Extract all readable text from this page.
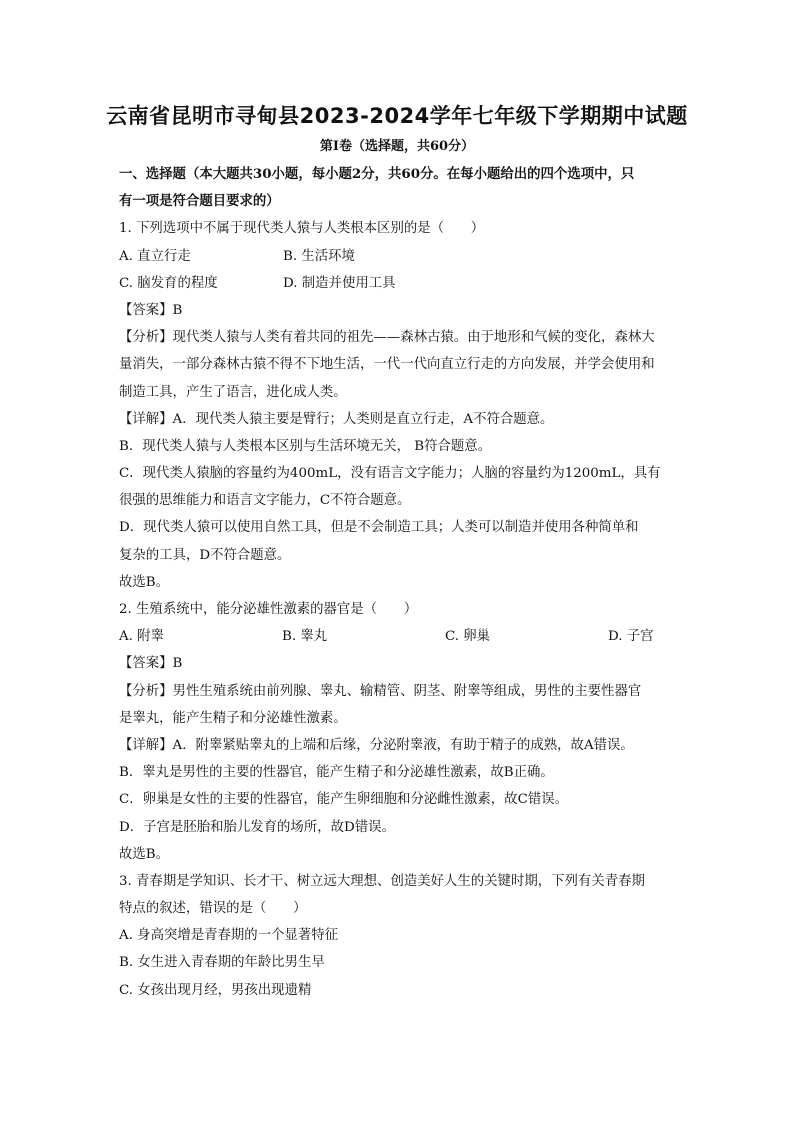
云南省昆明市寻甸县2023-2024学年七年级下学期期中试题
第Ⅰ卷（选择题，共60分）
一、选择题（本大题共30小题，每小题2分，共60分。在每小题给出的四个选项中，只
有一项是符合题目要求的）
1. 下列选项中不属于现代类人猿与人类根本区别的是（　　）
A. 直立行走	B. 生活环境
C. 脑发育的程度	D. 制造并使用工具
【答案】B
【分析】现代类人猿与人类有着共同的祖先——森林古猿。由于地形和气候的变化，森林大
量消失，一部分森林古猿不得不下地生活，一代一代向直立行走的方向发展，并学会使用和
制造工具，产生了语言，进化成人类。
【详解】A．现代类人猿主要是臂行；人类则是直立行走，A不符合题意。
B．现代类人猿与人类根本区别与生活环境无关， B符合题意。
C．现代类人猿脑的容量约为400mL，没有语言文字能力；人脑的容量约为1200mL，具有
很强的思维能力和语言文字能力，C不符合题意。
D．现代类人猿可以使用自然工具，但是不会制造工具；人类可以制造并使用各种简单和
复杂的工具，D不符合题意。
故选B。
2. 生殖系统中，能分泌雄性激素的器官是（　　）
A. 附睾	B. 睾丸	C. 卵巢	D. 子宫
【答案】B
【分析】男性生殖系统由前列腺、睾丸、输精管、阴茎、附睾等组成，男性的主要性器官
是睾丸，能产生精子和分泌雄性激素。
【详解】A．附睾紧贴睾丸的上端和后缘，分泌附睾液，有助于精子的成熟，故A错误。
B．睾丸是男性的主要的性器官，能产生精子和分泌雄性激素，故B正确。
C．卵巢是女性的主要的性器官，能产生卵细胞和分泌雌性激素，故C错误。
D．子宫是胚胎和胎儿发育的场所，故D错误。
故选B。
3. 青春期是学知识、长才干、树立远大理想、创造美好人生的关键时期，下列有关青春期
特点的叙述，错误的是（　　）
A. 身高突增是青春期的一个显著特征
B. 女生进入青春期的年龄比男生早
C. 女孩出现月经，男孩出现遗精
